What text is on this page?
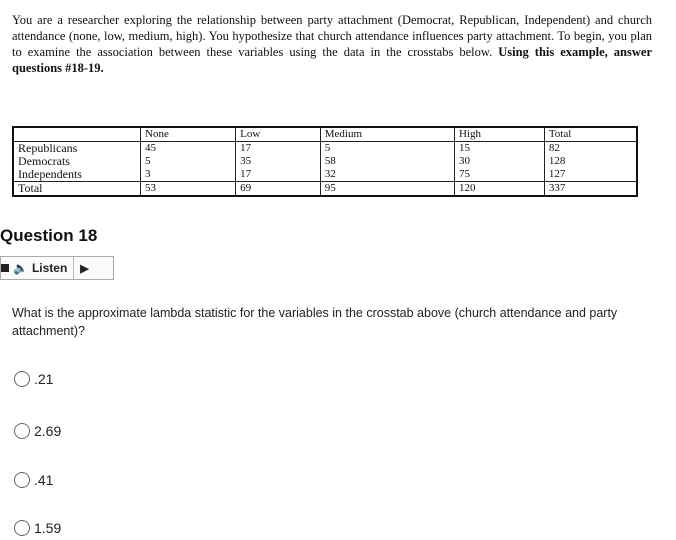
You are a researcher exploring the relationship between party attachment (Democrat, Republican, Independent) and church attendance (none, low, medium, high). You hypothesize that church attendance influences party attachment. To begin, you plan to examine the association between these variables using the data in the crosstabs below. Using this example, answer questions #18-19.
	None	Low	Medium	High	Total
Republicans	45	17	5	15	82
Democrats	5	35	58	30	128
Independents	3	17	32	75	127
Total	53	69	95	120	337
Question 18
🔈 Listen ▶
What is the approximate lambda statistic for the variables in the crosstab above (church attendance and party attachment)?
.21
2.69
.41
1.59
